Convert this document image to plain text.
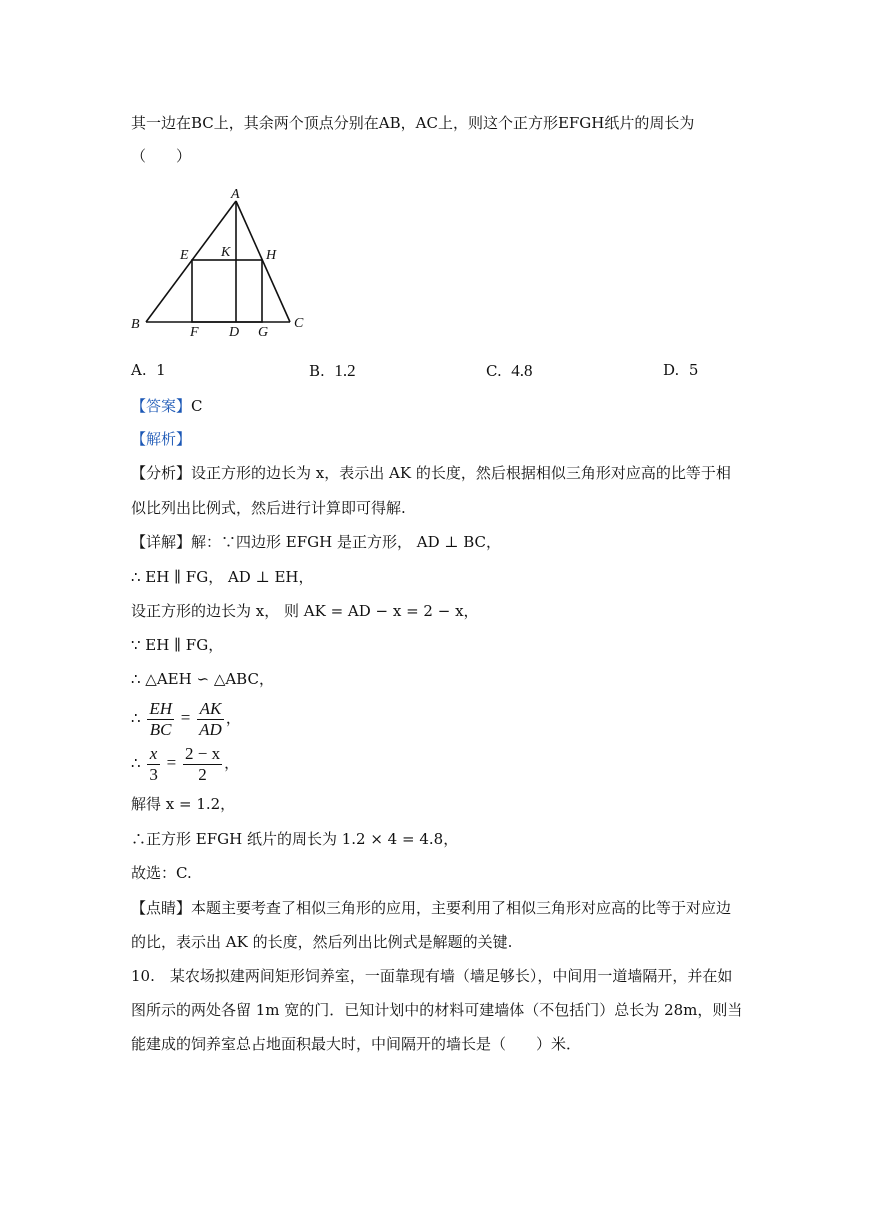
其一边在BC上，其余两个顶点分别在AB，AC上，则这个正方形EFGH纸片的周长为
（　　）
A
B	C
D
E
F	G
H
K
A. 1	B. 1.2	C. 4.8	D. 5
【答案】C
【解析】
【分析】设正方形的边长为 x，表示出 AK 的长度，然后根据相似三角形对应高的比等于相
似比列出比例式，然后进行计算即可得解.
【详解】解：∵四边形 EFGH 是正方形， AD ⊥ BC，
∴ EH ∥ FG， AD ⊥ EH，
设正方形的边长为 x， 则 AK = AD − x = 2 − x，
∵ EH ∥ FG，
∴ △AEH ∽ △ABC，
∴ $\frac{EH}{BC} = \frac{AK}{AD}$ ，
∴ $\frac{x}{3} = \frac{2 - x}{2}$ ，
解得 x = 1.2，
∴正方形 EFGH 纸片的周长为 1.2 × 4 = 4.8，
故选：C.
【点睛】本题主要考查了相似三角形的应用，主要利用了相似三角形对应高的比等于对应边
的比，表示出 AK 的长度，然后列出比例式是解题的关键.
10.　某农场拟建两间矩形饲养室，一面靠现有墙（墙足够长），中间用一道墙隔开，并在如
图所示的两处各留 1m 宽的门．已知计划中的材料可建墙体（不包括门）总长为 28m，则当
能建成的饲养室总占地面积最大时，中间隔开的墙长是（　　）米．
